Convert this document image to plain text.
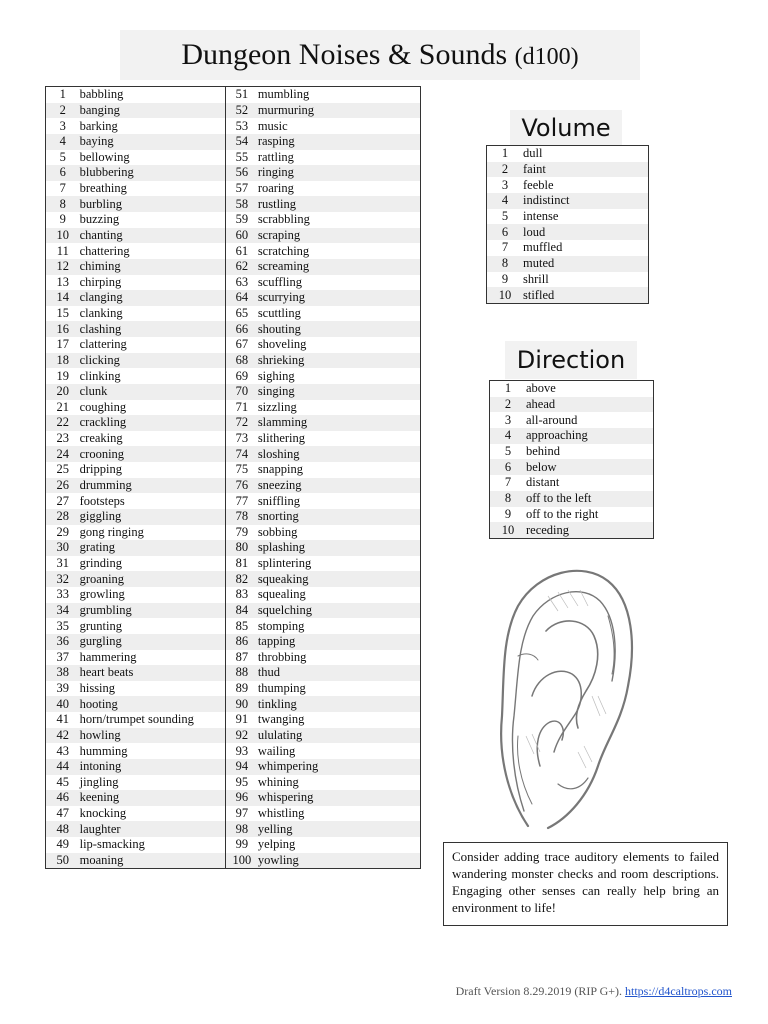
Dungeon Noises & Sounds (d100)
1	babbling	51	mumbling
2	banging	52	murmuring
3	barking	53	music
4	baying	54	rasping
5	bellowing	55	rattling
6	blubbering	56	ringing
7	breathing	57	roaring
8	burbling	58	rustling
9	buzzing	59	scrabbling
10	chanting	60	scraping
11	chattering	61	scratching
12	chiming	62	screaming
13	chirping	63	scuffling
14	clanging	64	scurrying
15	clanking	65	scuttling
16	clashing	66	shouting
17	clattering	67	shoveling
18	clicking	68	shrieking
19	clinking	69	sighing
20	clunk	70	singing
21	coughing	71	sizzling
22	crackling	72	slamming
23	creaking	73	slithering
24	crooning	74	sloshing
25	dripping	75	snapping
26	drumming	76	sneezing
27	footsteps	77	sniffling
28	giggling	78	snorting
29	gong ringing	79	sobbing
30	grating	80	splashing
31	grinding	81	splintering
32	groaning	82	squeaking
33	growling	83	squealing
34	grumbling	84	squelching
35	grunting	85	stomping
36	gurgling	86	tapping
37	hammering	87	throbbing
38	heart beats	88	thud
39	hissing	89	thumping
40	hooting	90	tinkling
41	horn/trumpet sounding	91	twanging
42	howling	92	ululating
43	humming	93	wailing
44	intoning	94	whimpering
45	jingling	95	whining
46	keening	96	whispering
47	knocking	97	whistling
48	laughter	98	yelling
49	lip-smacking	99	yelping
50	moaning	100	yowling
Volume
1	dull
2	faint
3	feeble
4	indistinct
5	intense
6	loud
7	muffled
8	muted
9	shrill
10	stifled
Direction
1	above
2	ahead
3	all-around
4	approaching
5	behind
6	below
7	distant
8	off to the left
9	off to the right
10	receding
Consider adding trace auditory elements to failed wandering monster checks and room descriptions. Engaging other senses can really help bring an environment to life!
Draft Version 8.29.2019 (RIP G+). https://d4caltrops.com
